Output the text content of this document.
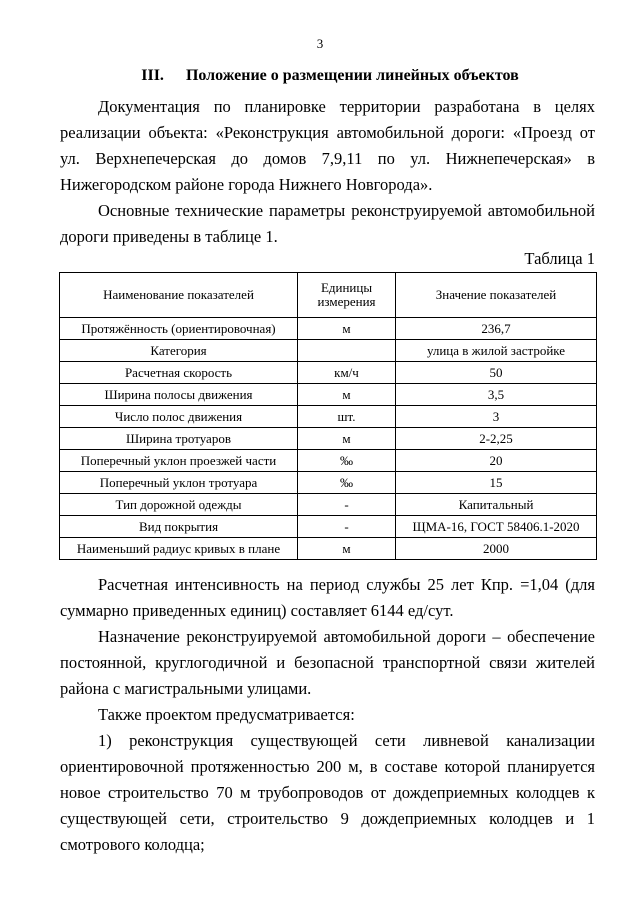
3
III. Положение о размещении линейных объектов

Документация по планировке территории разработана в целях реализации объекта: «Реконструкция автомобильной дороги: «Проезд от ул. Верхнепечерская до домов 7,9,11 по ул. Нижнепечерская» в Нижегородском районе города Нижнего Новгорода».

Основные технические параметры реконструируемой автомобильной дороги приведены в таблице 1.

Таблица 1
Наименование показателей	Единицы измерения	Значение показателей
Протяжённость (ориентировочная)	м	236,7
Категория		улица в жилой застройке
Расчетная скорость	км/ч	50
Ширина полосы движения	м	3,5
Число полос движения	шт.	3
Ширина тротуаров	м	2-2,25
Поперечный уклон проезжей части	‰	20
Поперечный уклон тротуара	‰	15
Тип дорожной одежды	-	Капитальный
Вид покрытия	-	ЩМА-16, ГОСТ 58406.1-2020
Наименьший радиус кривых в плане	м	2000

Расчетная интенсивность на период службы 25 лет Кпр. =1,04 (для суммарно приведенных единиц) составляет 6144 ед/сут.

Назначение реконструируемой автомобильной дороги – обеспечение постоянной, круглогодичной и безопасной транспортной связи жителей района с магистральными улицами.

Также проектом предусматривается:

1) реконструкция существующей сети ливневой канализации ориентировочной протяженностью 200 м, в составе которой планируется новое строительство 70 м трубопроводов от дождеприемных колодцев к существующей сети, строительство 9 дождеприемных колодцев и 1 смотрового колодца;
